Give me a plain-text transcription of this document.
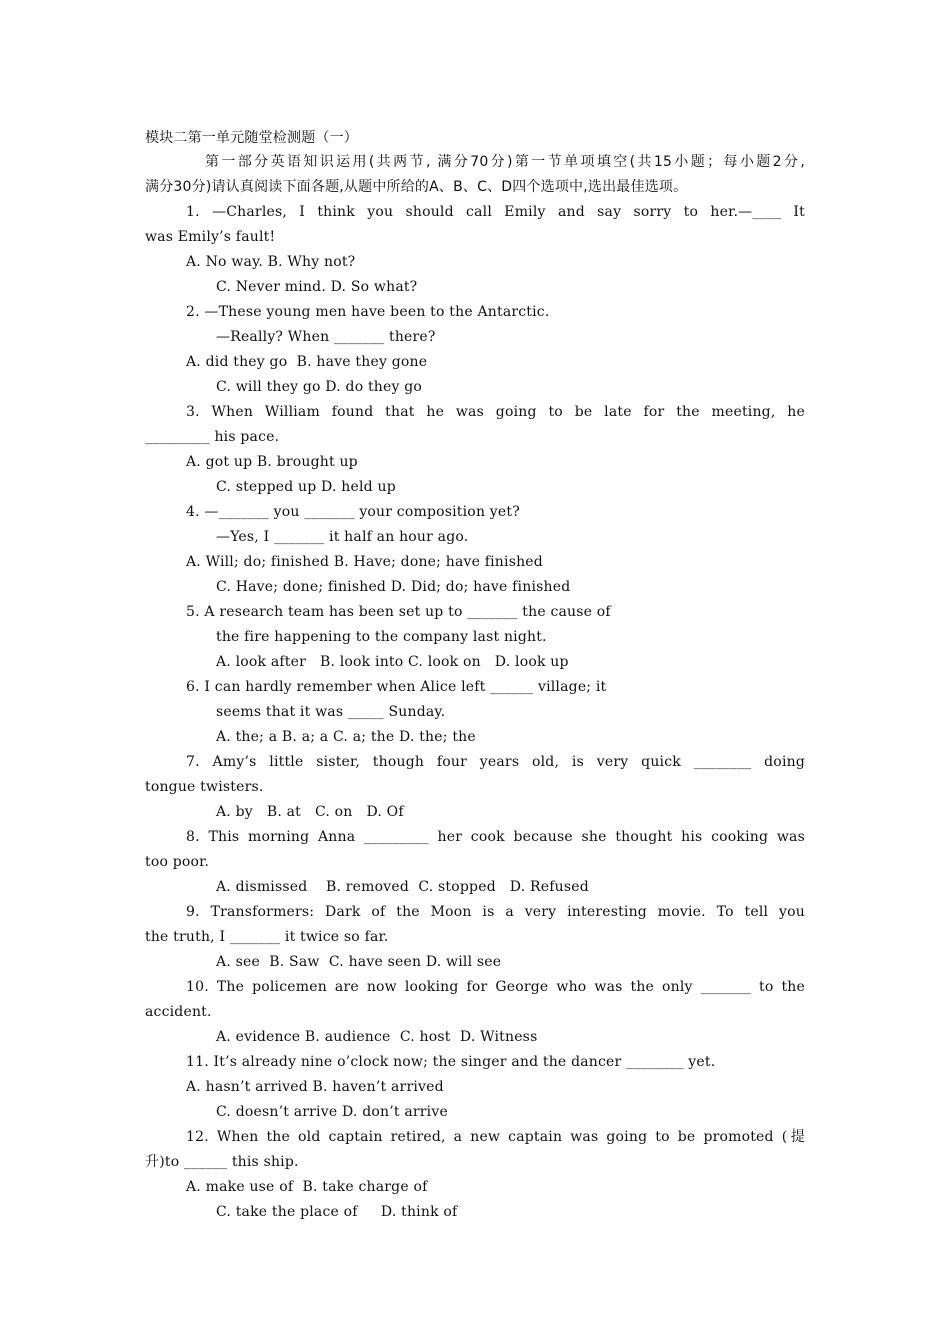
模块二第一单元随堂检测题（一）
第一部分英语知识运用(共两节, 满分70分)第一节单项填空(共15小题；每小题2分,
满分30分)请认真阅读下面各题,从题中所给的A、B、C、D四个选项中,选出最佳选项。
1. —Charles, I think you should call Emily and say sorry to her.—____ It
was Emily’s fault!
A. No way. B. Why not?
C. Never mind. D. So what?
2. —These young men have been to the Antarctic.
—Really? When _______ there?
A. did they go  B. have they gone
C. will they go D. do they go
3. When William found that he was going to be late for the meeting, he
_________ his pace.
A. got up B. brought up
C. stepped up D. held up
4. —_______ you _______ your composition yet?
—Yes, I _______ it half an hour ago.
A. Will; do; finished B. Have; done; have finished
C. Have; done; finished D. Did; do; have finished
5. A research team has been set up to _______ the cause of
the fire happening to the company last night.
A. look after   B. look into C. look on   D. look up
6. I can hardly remember when Alice left ______ village; it
seems that it was _____ Sunday.
A. the; a B. a; a C. a; the D. the; the
7. Amy’s little sister, though four years old, is very quick ________ doing
tongue twisters.
A. by   B. at   C. on   D. Of
8. This morning Anna _________ her cook because she thought his cooking was
too poor.
A. dismissed    B. removed  C. stopped   D. Refused
9. Transformers: Dark of the Moon is a very interesting movie. To tell you
the truth, I _______ it twice so far.
A. see  B. Saw  C. have seen D. will see
10. The policemen are now looking for George who was the only _______ to the
accident.
A. evidence B. audience  C. host  D. Witness
11. It’s already nine o’clock now; the singer and the dancer ________ yet.
A. hasn’t arrived B. haven’t arrived
C. doesn’t arrive D. don’t arrive
12. When the old captain retired, a new captain was going to be promoted (提
升)to ______ this ship.
A. make use of  B. take charge of
C. take the place of     D. think of
